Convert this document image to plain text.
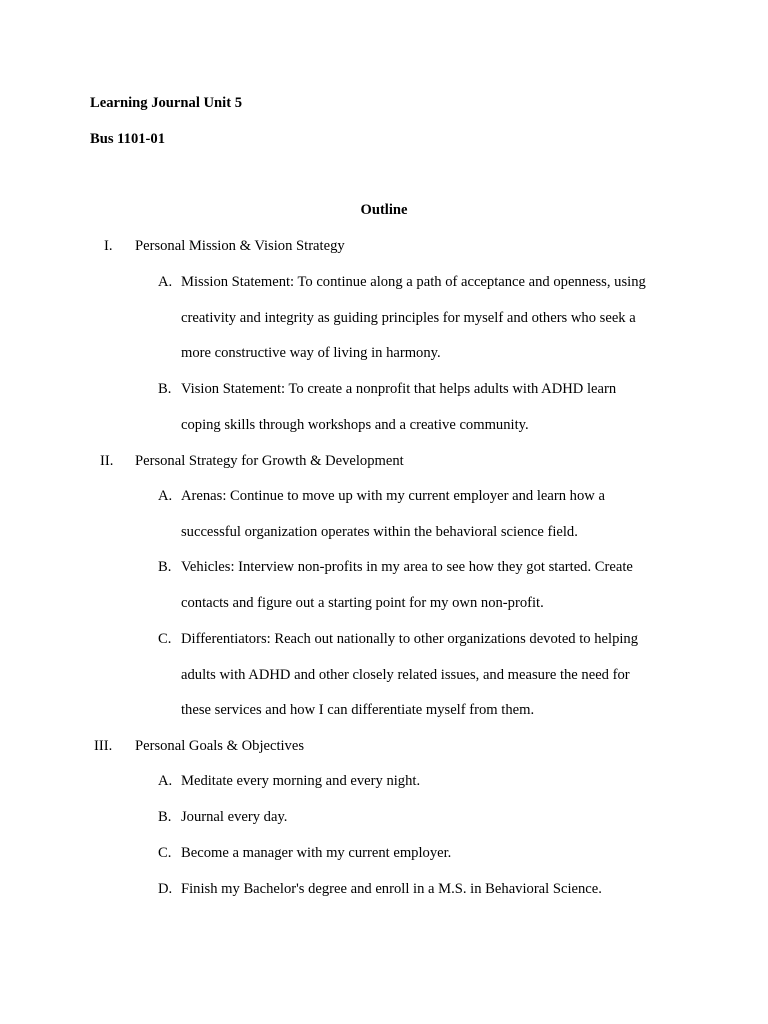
Learning Journal Unit 5
Bus 1101-01
Outline
I. Personal Mission & Vision Strategy
A. Mission Statement: To continue along a path of acceptance and openness, using
creativity and integrity as guiding principles for myself and others who seek a
more constructive way of living in harmony.
B. Vision Statement: To create a nonprofit that helps adults with ADHD learn
coping skills through workshops and a creative community.
II. Personal Strategy for Growth & Development
A. Arenas: Continue to move up with my current employer and learn how a
successful organization operates within the behavioral science field.
B. Vehicles: Interview non-profits in my area to see how they got started. Create
contacts and figure out a starting point for my own non-profit.
C. Differentiators: Reach out nationally to other organizations devoted to helping
adults with ADHD and other closely related issues, and measure the need for
these services and how I can differentiate myself from them.
III. Personal Goals & Objectives
A. Meditate every morning and every night.
B. Journal every day.
C. Become a manager with my current employer.
D. Finish my Bachelor's degree and enroll in a M.S. in Behavioral Science.
